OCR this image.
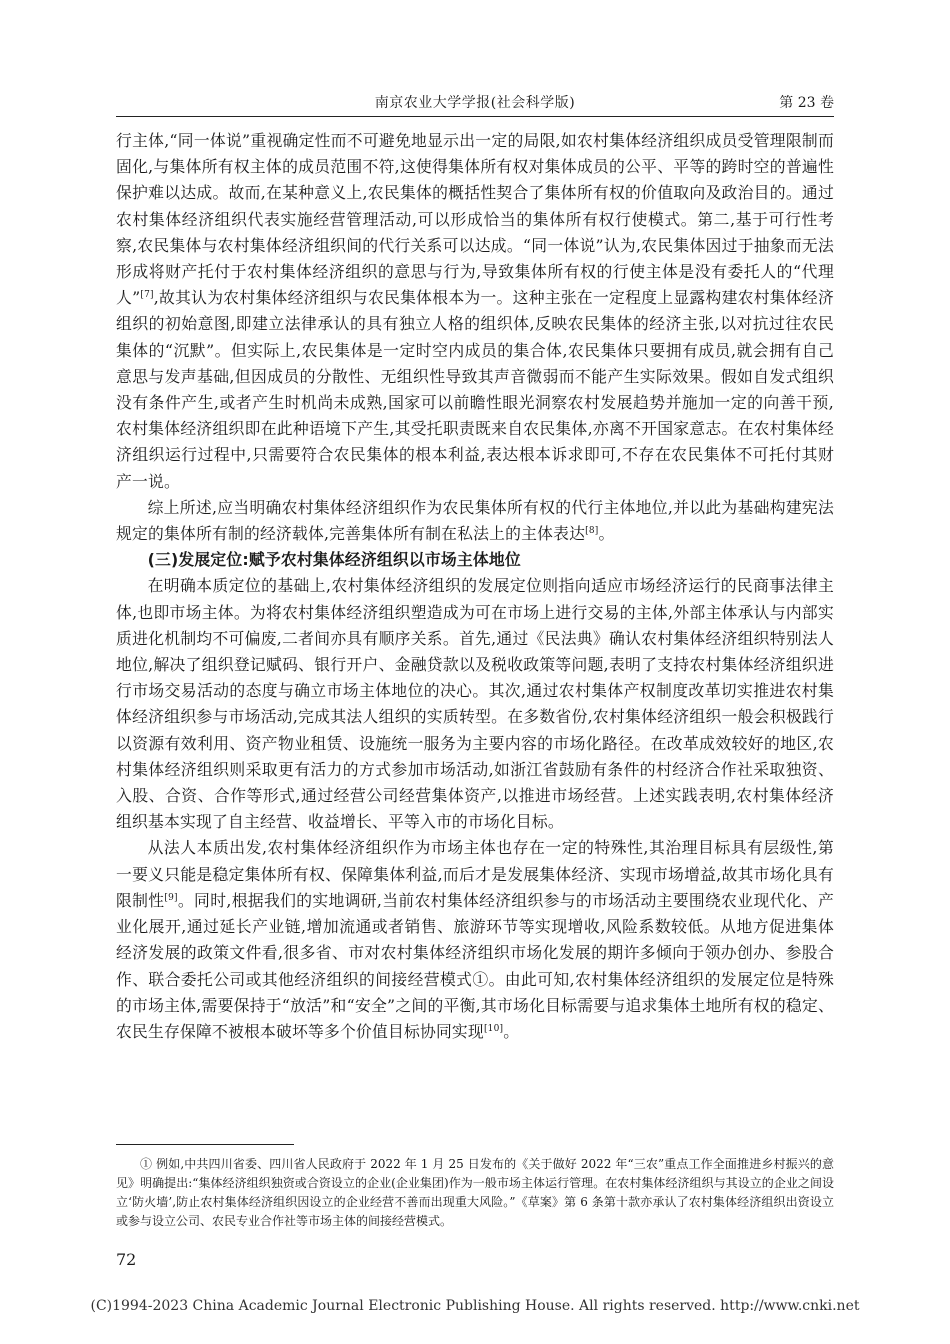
南京农业大学学报(社会科学版)	第 23 卷

行主体,“同一体说”重视确定性而不可避免地显示出一定的局限,如农村集体经济组织成员受管理限制而固化,与集体所有权主体的成员范围不符,这使得集体所有权对集体成员的公平、平等的跨时空的普遍性保护难以达成。故而,在某种意义上,农民集体的概括性契合了集体所有权的价值取向及政治目的。通过农村集体经济组织代表实施经营管理活动,可以形成恰当的集体所有权行使模式。第二,基于可行性考察,农民集体与农村集体经济组织间的代行关系可以达成。“同一体说”认为,农民集体因过于抽象而无法形成将财产托付于农村集体经济组织的意思与行为,导致集体所有权的行使主体是没有委托人的“代理人”[7],故其认为农村集体经济组织与农民集体根本为一。这种主张在一定程度上显露构建农村集体经济组织的初始意图,即建立法律承认的具有独立人格的组织体,反映农民集体的经济主张,以对抗过往农民集体的“沉默”。但实际上,农民集体是一定时空内成员的集合体,农民集体只要拥有成员,就会拥有自己意思与发声基础,但因成员的分散性、无组织性导致其声音微弱而不能产生实际效果。假如自发式组织没有条件产生,或者产生时机尚未成熟,国家可以前瞻性眼光洞察农村发展趋势并施加一定的向善干预,农村集体经济组织即在此种语境下产生,其受托职责既来自农民集体,亦离不开国家意志。在农村集体经济组织运行过程中,只需要符合农民集体的根本利益,表达根本诉求即可,不存在农民集体不可托付其财产一说。

综上所述,应当明确农村集体经济组织作为农民集体所有权的代行主体地位,并以此为基础构建宪法规定的集体所有制的经济载体,完善集体所有制在私法上的主体表达[8]。

(三)发展定位:赋予农村集体经济组织以市场主体地位

在明确本质定位的基础上,农村集体经济组织的发展定位则指向适应市场经济运行的民商事法律主体,也即市场主体。为将农村集体经济组织塑造成为可在市场上进行交易的主体,外部主体承认与内部实质进化机制均不可偏废,二者间亦具有顺序关系。首先,通过《民法典》确认农村集体经济组织特别法人地位,解决了组织登记赋码、银行开户、金融贷款以及税收政策等问题,表明了支持农村集体经济组织进行市场交易活动的态度与确立市场主体地位的决心。其次,通过农村集体产权制度改革切实推进农村集体经济组织参与市场活动,完成其法人组织的实质转型。在多数省份,农村集体经济组织一般会积极践行以资源有效利用、资产物业租赁、设施统一服务为主要内容的市场化路径。在改革成效较好的地区,农村集体经济组织则采取更有活力的方式参加市场活动,如浙江省鼓励有条件的村经济合作社采取独资、入股、合资、合作等形式,通过经营公司经营集体资产,以推进市场经营。上述实践表明,农村集体经济组织基本实现了自主经营、收益增长、平等入市的市场化目标。

从法人本质出发,农村集体经济组织作为市场主体也存在一定的特殊性,其治理目标具有层级性,第一要义只能是稳定集体所有权、保障集体利益,而后才是发展集体经济、实现市场增益,故其市场化具有限制性[9]。同时,根据我们的实地调研,当前农村集体经济组织参与的市场活动主要围绕农业现代化、产业化展开,通过延长产业链,增加流通或者销售、旅游环节等实现增收,风险系数较低。从地方促进集体经济发展的政策文件看,很多省、市对农村集体经济组织市场化发展的期许多倾向于领办创办、参股合作、联合委托公司或其他经济组织的间接经营模式①。由此可知,农村集体经济组织的发展定位是特殊的市场主体,需要保持于“放活”和“安全”之间的平衡,其市场化目标需要与追求集体土地所有权的稳定、农民生存保障不被根本破坏等多个价值目标协同实现[10]。

① 例如,中共四川省委、四川省人民政府于 2022 年 1 月 25 日发布的《关于做好 2022 年“三农”重点工作全面推进乡村振兴的意见》明确提出:“集体经济组织独资或合资设立的企业(企业集团)作为一般市场主体运行管理。在农村集体经济组织与其设立的企业之间设立‘防火墙’,防止农村集体经济组织因设立的企业经营不善而出现重大风险。”《草案》第 6 条第十款亦承认了农村集体经济组织出资设立或参与设立公司、农民专业合作社等市场主体的间接经营模式。
72
(C)1994-2023 China Academic Journal Electronic Publishing House. All rights reserved. http://www.cnki.net
